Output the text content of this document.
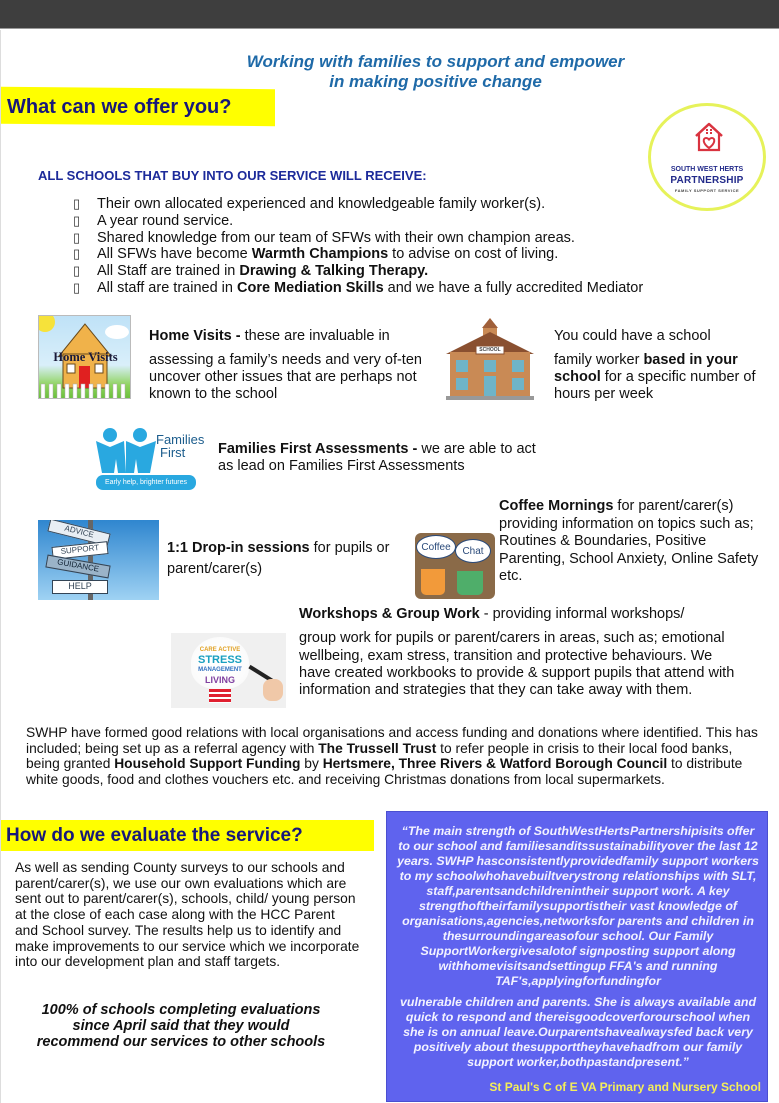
Working with families to support and empower
in making positive change
What can we offer you?
SOUTH WEST HERTS
PARTNERSHIP
FAMILY SUPPORT SERVICE
ALL SCHOOLS THAT BUY INTO OUR SERVICE WILL RECEIVE:
▯ Their own allocated experienced and knowledgeable family worker(s).
▯ A year round service.
▯ Shared knowledge from our team of SFWs with their own champion areas.
▯ All SFWs have become Warmth Champions to advise on cost of living.
▯ All Staff are trained in Drawing & Talking Therapy.
▯ All staff are trained in Core Mediation Skills and we have a fully accredited Mediator
Home Visits
Home Visits - these are invaluable in
assessing a family’s needs and very of-ten uncover other issues that are perhaps not known to the school
SCHOOL
You could have a school
family worker based in your school for a specific number of hours per week
Families
First
Early help, brighter futures
Families First Assessments - we are able to act as lead on Families First Assessments
ADVICE
SUPPORT
GUIDANCE
HELP
1:1 Drop-in sessions for pupils or parent/carer(s)
Coffee	Chat
Coffee Mornings for parent/carer(s) providing information on topics such as; Routines & Boundaries, Positive Parenting, School Anxiety, Online Safety etc.
CARE ACTIVE
STRESS
MANAGEMENT
LIVING
Workshops & Group Work - providing informal workshops/
group work for pupils or parent/carers in areas, such as; emotional wellbeing, exam stress, transition and protective behaviours. We have created workbooks to provide & support pupils that attend with information and strategies that they can take away with them.
SWHP have formed good relations with local organisations and access funding and donations where identified. This has included; being set up as a referral agency with The Trussell Trust to refer people in crisis to their local food banks, being granted Household Support Funding by Hertsmere, Three Rivers & Watford Borough Council to distribute white goods, food and clothes vouchers etc. and receiving Christmas donations from local supermarkets.
How do we evaluate the service?
As well as sending County surveys to our schools and parent/carer(s), we use our own evaluations which are sent out to parent/carer(s), schools, child/ young person at the close of each case along with the HCC Parent and School survey. The results help us to identify and make improvements to our service which we incorporate into our development plan and staff targets.
100% of schools completing evaluations since April said that they would recommend our services to other schools

“The main strength of SouthWestHertsPartnershipisits offer to our school and familiesanditssustainabilityover the last 12 years. SWHP hasconsistentlyprovidedfamily support workers to my schoolwhohavebuiltverystrong relationships with SLT, staff,parentsandchildrenintheir support work. A key strengthoftheirfamilysupportistheir vast knowledge of organisations,agencies,networksfor parents and children in thesurroundingareasofour school. Our Family SupportWorkergivesalotof signposting support along withhomevisitsandsettingup FFA's and running TAF's,applyingforfundingfor

vulnerable children and parents. She is always available and quick to respond and thereisgoodcoverforourschool when she is on annual leave.Ourparentshavealwaysfed back very positively about thesupporttheyhavehadfrom our family support worker,bothpastandpresent.”

St Paul's C of E VA Primary and Nursery School
